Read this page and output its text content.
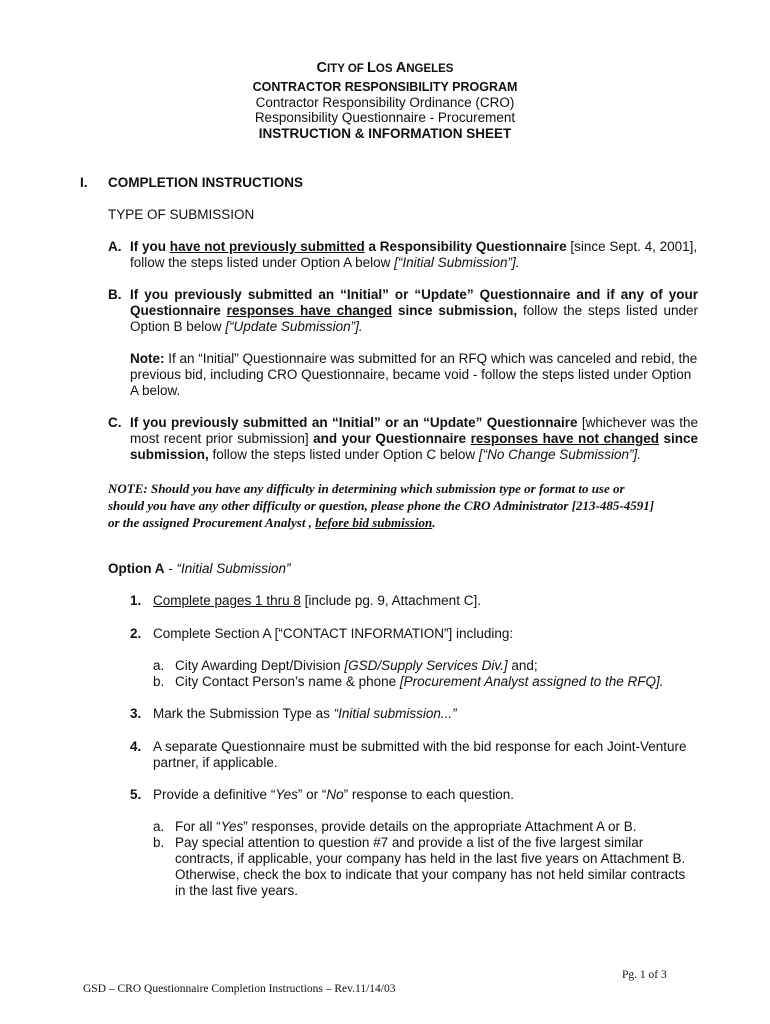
CITY OF LOS ANGELES
CONTRACTOR RESPONSIBILITY PROGRAM
Contractor Responsibility Ordinance (CRO)
Responsibility Questionnaire - Procurement
INSTRUCTION & INFORMATION SHEET
I. COMPLETION INSTRUCTIONS
TYPE OF SUBMISSION
A. If you have not previously submitted a Responsibility Questionnaire [since Sept. 4, 2001], follow the steps listed under Option A below [“Initial Submission”].
B. If you previously submitted an “Initial” or “Update” Questionnaire and if any of your Questionnaire responses have changed since submission, follow the steps listed under Option B below [“Update Submission”].
Note: If an “Initial” Questionnaire was submitted for an RFQ which was canceled and rebid, the previous bid, including CRO Questionnaire, became void - follow the steps listed under Option A below.
C. If you previously submitted an “Initial” or an “Update” Questionnaire [whichever was the most recent prior submission] and your Questionnaire responses have not changed since submission, follow the steps listed under Option C below [“No Change Submission”].
NOTE: Should you have any difficulty in determining which submission type or format to use or
should you have any other difficulty or question, please phone the CRO Administrator [213-485-4591]
or the assigned Procurement Analyst , before bid submission.
Option A - “Initial Submission”
1. Complete pages 1 thru 8 [include pg. 9, Attachment C].
2. Complete Section A [“CONTACT INFORMATION”] including:
a. City Awarding Dept/Division [GSD/Supply Services Div.] and;
b. City Contact Person’s name & phone [Procurement Analyst assigned to the RFQ].
3. Mark the Submission Type as “Initial submission...”
4. A separate Questionnaire must be submitted with the bid response for each Joint-Venture partner, if applicable.
5. Provide a definitive “Yes” or “No” response to each question.
a. For all “Yes” responses, provide details on the appropriate Attachment A or B.
b. Pay special attention to question #7 and provide a list of the five largest similar contracts, if applicable, your company has held in the last five years on Attachment B. Otherwise, check the box to indicate that your company has not held similar contracts in the last five years.
Pg. 1 of 3
GSD – CRO Questionnaire Completion Instructions – Rev.11/14/03
